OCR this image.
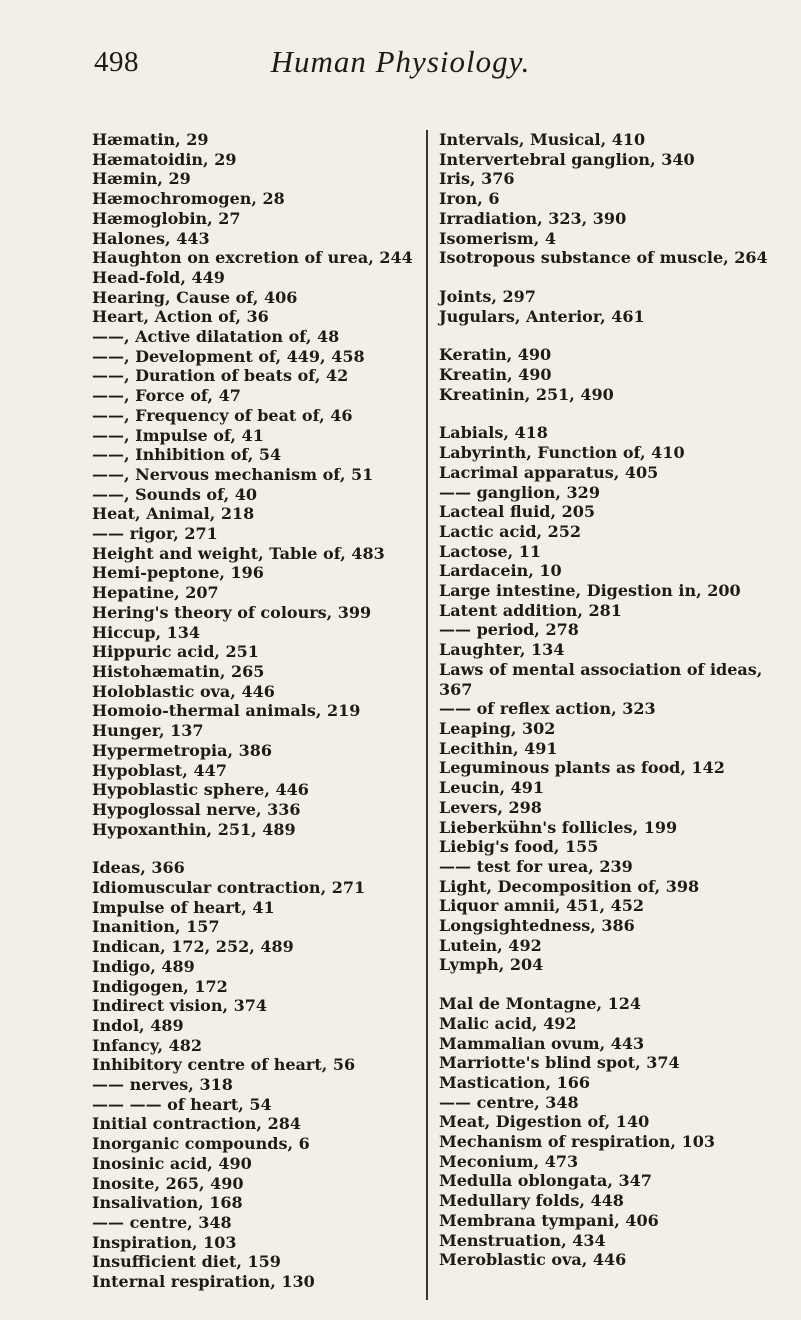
498	Human Physiology.
Hæmatin, 29
Hæmatoidin, 29
Hæmin, 29
Hæmochromogen, 28
Hæmoglobin, 27
Halones, 443
Haughton on excretion of urea, 244
Head-fold, 449
Hearing, Cause of, 406
Heart, Action of, 36
——, Active dilatation of, 48
——, Development of, 449, 458
——, Duration of beats of, 42
——, Force of, 47
——, Frequency of beat of, 46
——, Impulse of, 41
——, Inhibition of, 54
——, Nervous mechanism of, 51
——, Sounds of, 40
Heat, Animal, 218
—— rigor, 271
Height and weight, Table of, 483
Hemi-peptone, 196
Hepatine, 207
Hering's theory of colours, 399
Hiccup, 134
Hippuric acid, 251
Histohæmatin, 265
Holoblastic ova, 446
Homoio-thermal animals, 219
Hunger, 137
Hypermetropia, 386
Hypoblast, 447
Hypoblastic sphere, 446
Hypoglossal nerve, 336
Hypoxanthin, 251, 489
Ideas, 366
Idiomuscular contraction, 271
Impulse of heart, 41
Inanition, 157
Indican, 172, 252, 489
Indigo, 489
Indigogen, 172
Indirect vision, 374
Indol, 489
Infancy, 482
Inhibitory centre of heart, 56
—— nerves, 318
—— —— of heart, 54
Initial contraction, 284
Inorganic compounds, 6
Inosinic acid, 490
Inosite, 265, 490
Insalivation, 168
—— centre, 348
Inspiration, 103
Insufficient diet, 159
Internal respiration, 130
Intervals, Musical, 410
Intervertebral ganglion, 340
Iris, 376
Iron, 6
Irradiation, 323, 390
Isomerism, 4
Isotropous substance of muscle, 264
Joints, 297
Jugulars, Anterior, 461
Keratin, 490
Kreatin, 490
Kreatinin, 251, 490
Labials, 418
Labyrinth, Function of, 410
Lacrimal apparatus, 405
—— ganglion, 329
Lacteal fluid, 205
Lactic acid, 252
Lactose, 11
Lardacein, 10
Large intestine, Digestion in, 200
Latent addition, 281
—— period, 278
Laughter, 134
Laws of mental association of ideas, 367
—— of reflex action, 323
Leaping, 302
Lecithin, 491
Leguminous plants as food, 142
Leucin, 491
Levers, 298
Lieberkühn's follicles, 199
Liebig's food, 155
—— test for urea, 239
Light, Decomposition of, 398
Liquor amnii, 451, 452
Longsightedness, 386
Lutein, 492
Lymph, 204
Mal de Montagne, 124
Malic acid, 492
Mammalian ovum, 443
Marriotte's blind spot, 374
Mastication, 166
—— centre, 348
Meat, Digestion of, 140
Mechanism of respiration, 103
Meconium, 473
Medulla oblongata, 347
Medullary folds, 448
Membrana tympani, 406
Menstruation, 434
Meroblastic ova, 446
